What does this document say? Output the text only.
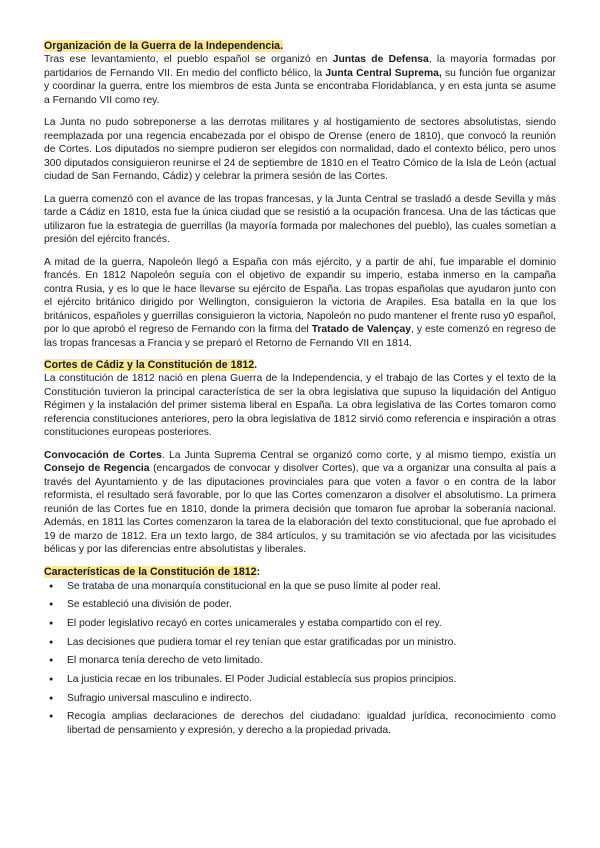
Organización de la Guerra de la Independencia.

Tras ese levantamiento, el pueblo español se organizó en Juntas de Defensa, la mayoría formadas por partidarios de Fernando VII. En medio del conflicto bélico, la Junta Central Suprema, su función fue organizar y coordinar la guerra, entre los miembros de esta Junta se encontraba Floridablanca, y en esta junta se asume a Fernando VII como rey.

La Junta no pudo sobreponerse a las derrotas militares y al hostigamiento de sectores absolutistas, siendo reemplazada por una regencia encabezada por el obispo de Orense (enero de 1810), que convocó la reunión de Cortes. Los diputados no siempre pudieron ser elegidos con normalidad, dado el contexto bélico, pero unos 300 diputados consiguieron reunirse el 24 de septiembre de 1810 en el Teatro Cómico de la Isla de León (actual ciudad de San Fernando, Cádiz) y celebrar la primera sesión de las Cortes.

La guerra comenzó con el avance de las tropas francesas, y la Junta Central se trasladó a desde Sevilla y más tarde a Cádiz en 1810, esta fue la única ciudad que se resistió a la ocupación francesa. Una de las tácticas que utilizaron fue la estrategia de guerrillas (la mayoría formada por malechones del pueblo), las cuales sometían a presión del ejército francés.

A mitad de la guerra, Napoleón llegó a España con más ejército, y a partir de ahí, fue imparable el dominio francés. En 1812 Napoleón seguía con el objetivo de expandir su imperio, estaba inmerso en la campaña contra Rusia, y es lo que le hace llevarse su ejército de España. Las tropas españolas que ayudaron junto con el ejército británico dirigido por Wellington, consiguieron la victoria de Arapiles. Esa batalla en la que los británicos, españoles y guerrillas consiguieron la victoria, Napoleón no pudo mantener el frente ruso y0 español, por lo que aprobó el regreso de Fernando con la firma del Tratado de Valençay, y este comenzó en regreso de las tropas francesas a Francia y se preparó el Retorno de Fernando VII en 1814.

Cortes de Cádiz y la Constitución de 1812.

La constitución de 1812 nació en plena Guerra de la Independencia, y el trabajo de las Cortes y el texto de la Constitución tuvieron la principal característica de ser la obra legislativa que supuso la liquidación del Antiguo Régimen y la instalación del primer sistema liberal en España. La obra legislativa de las Cortes tomaron como referencia constituciones anteriores, pero la obra legislativa de 1812 sirvió como referencia e inspiración a otras constituciones europeas posteriores.

Convocación de Cortes. La Junta Suprema Central se organizó como corte, y al mismo tiempo, existía un Consejo de Regencia (encargados de convocar y disolver Cortes), que va a organizar una consulta al país a través del Ayuntamiento y de las diputaciones provinciales para que voten a favor o en contra de la labor reformista, el resultado será favorable, por lo que las Cortes comenzaron a disolver el absolutismo. La primera reunión de las Cortes fue en 1810, donde la primera decisión que tomaron fue aprobar la soberanía nacional. Además, en 1811 las Cortes comenzaron la tarea de la elaboración del texto constitucional, que fue aprobado el 19 de marzo de 1812. Era un texto largo, de 384 artículos, y su tramitación se vio afectada por las vicisitudes bélicas y por las diferencias entre absolutistas y liberales.

Características de la Constitución de 1812:

● Se trataba de una monarquía constitucional en la que se puso límite al poder real.
● Se estableció una división de poder.
● El poder legislativo recayó en cortes unicamerales y estaba compartido con el rey.
● Las decisiones que pudiera tomar el rey tenían que estar gratificadas por un ministro.
● El monarca tenía derecho de veto limitado.
● La justicia recae en los tribunales. El Poder Judicial establecía sus propios principios.
● Sufragio universal masculino e indirecto.
● Recogía amplias declaraciones de derechos del ciudadano: igualdad jurídica, reconocimiento como libertad de pensamiento y expresión, y derecho a la propiedad privada.
